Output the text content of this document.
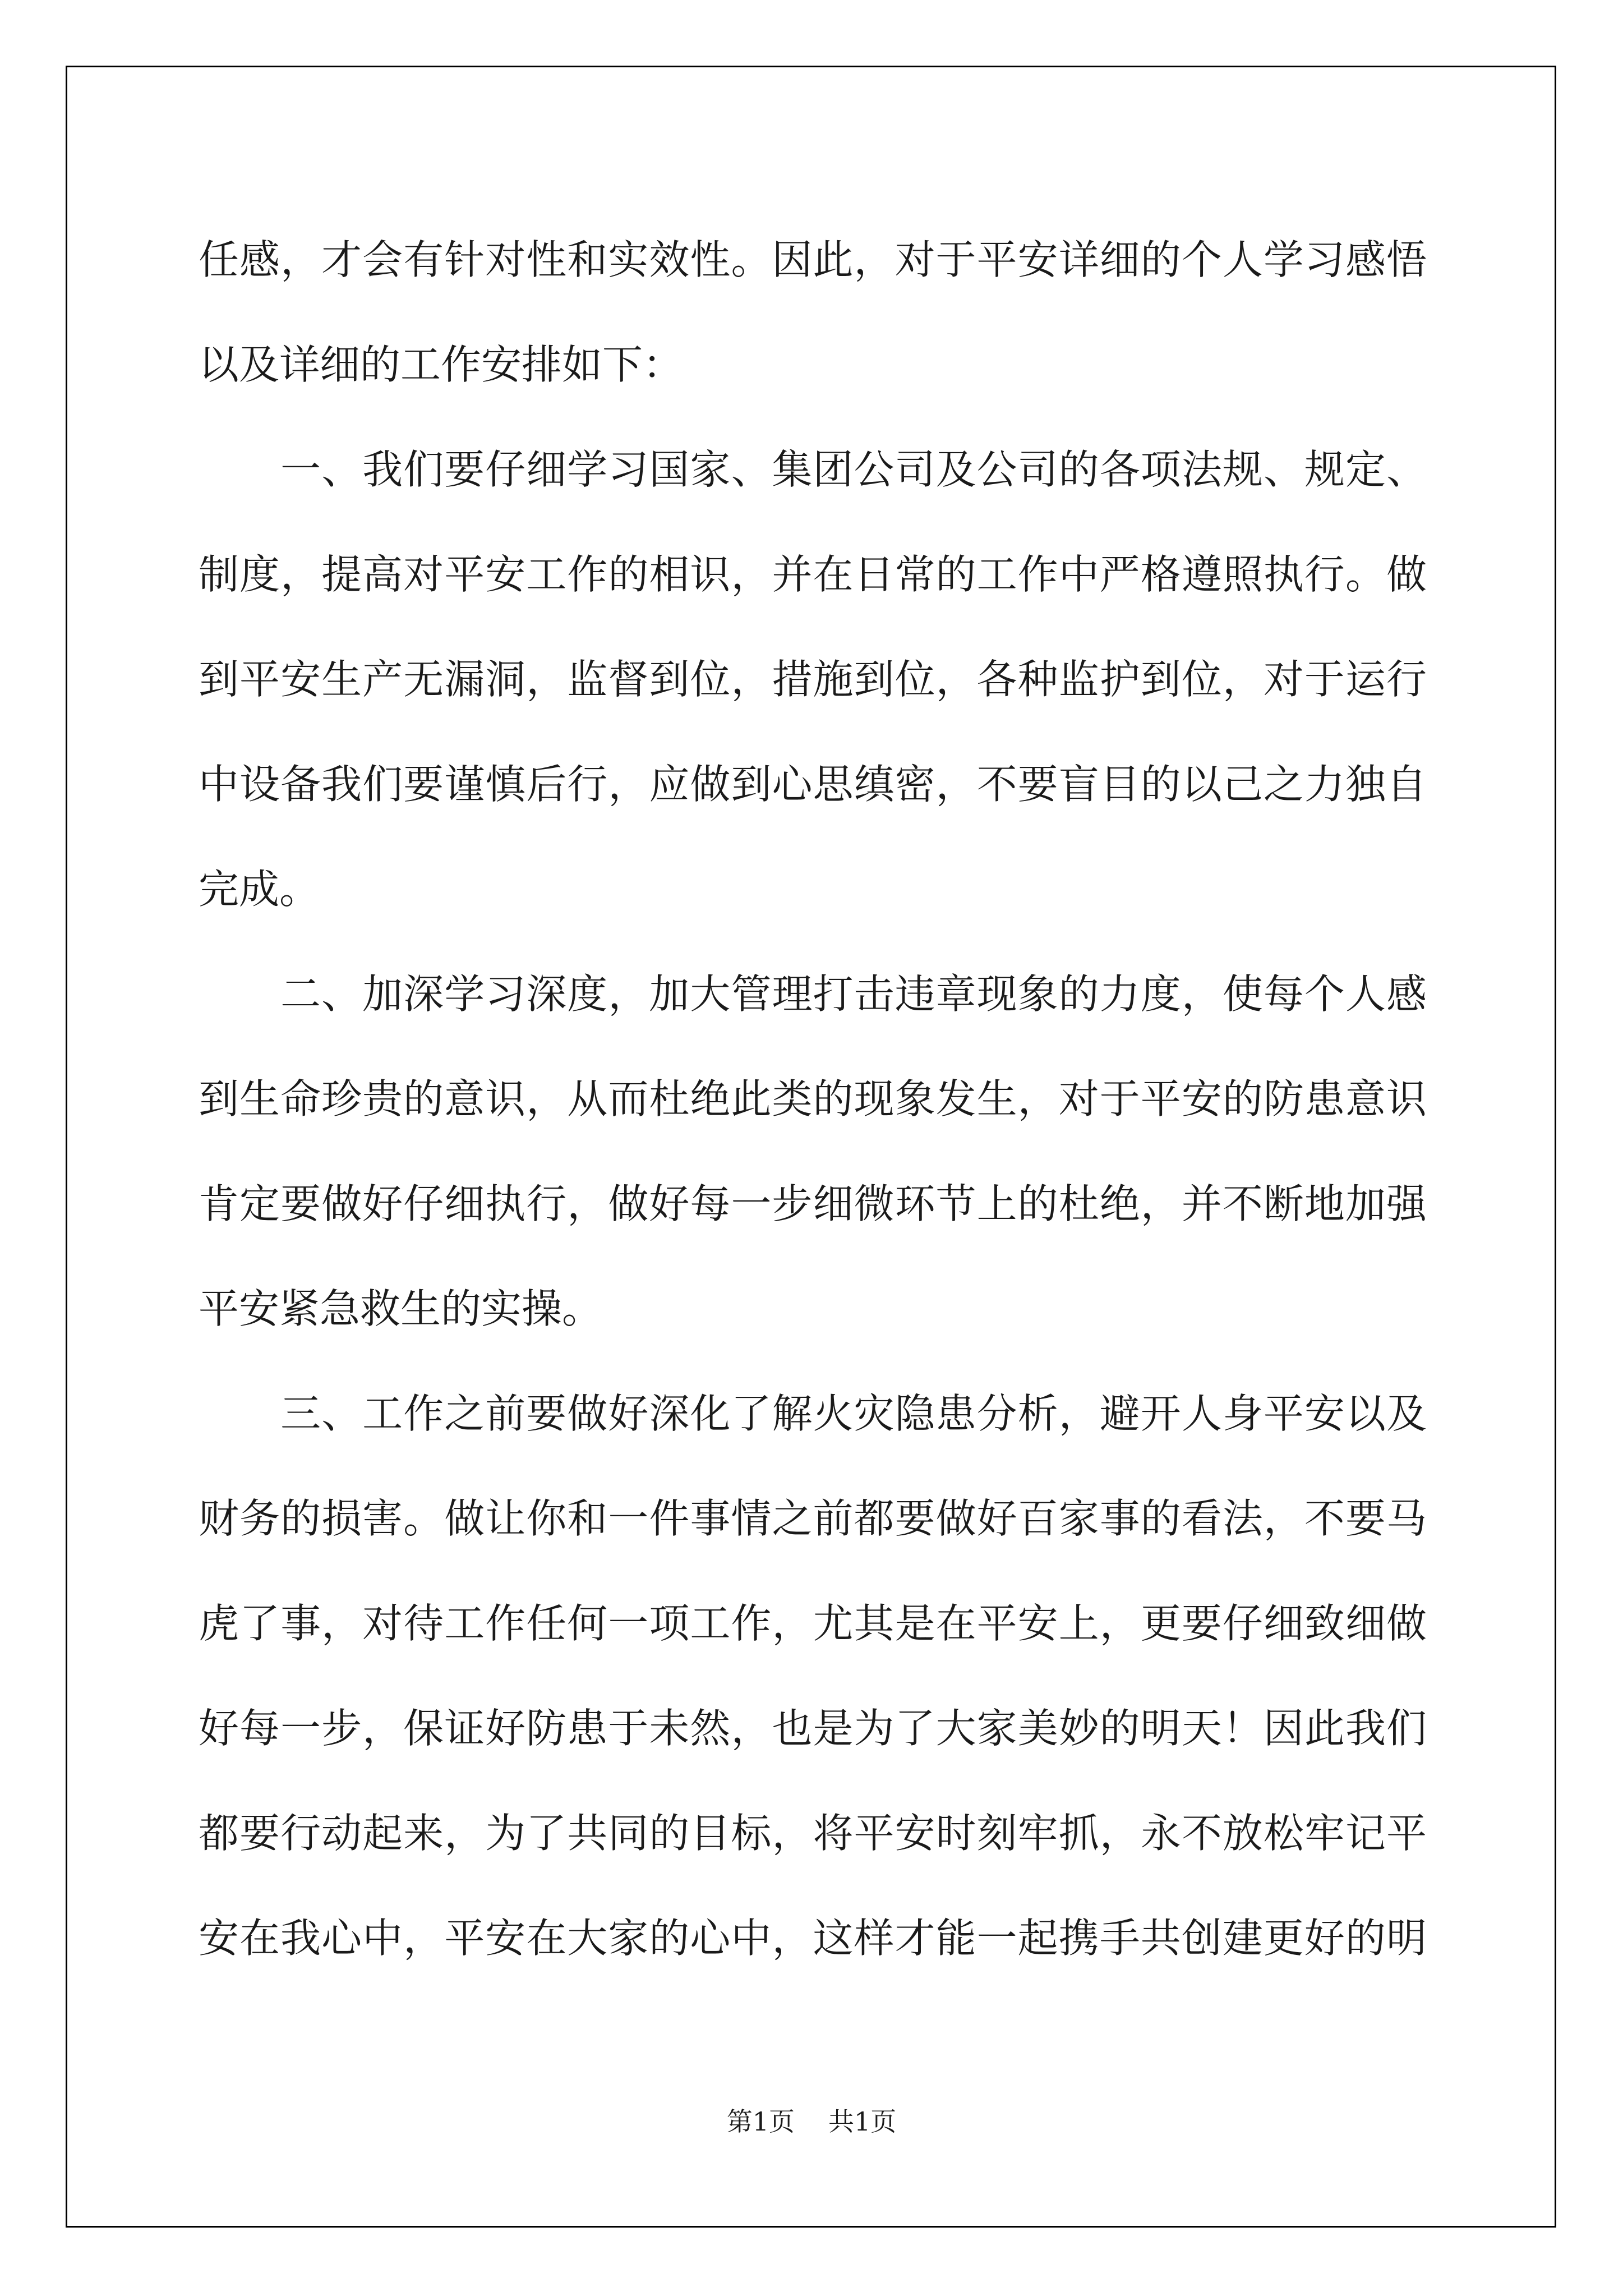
任感，才会有针对性和实效性。因此，对于平安详细的个人学习感悟
以及详细的工作安排如下：
　　一、我们要仔细学习国家、集团公司及公司的各项法规、规定、
制度，提高对平安工作的相识，并在日常的工作中严格遵照执行。做
到平安生产无漏洞，监督到位，措施到位，各种监护到位，对于运行
中设备我们要谨慎后行，应做到心思缜密，不要盲目的以己之力独自
完成。
　　二、加深学习深度，加大管理打击违章现象的力度，使每个人感
到生命珍贵的意识，从而杜绝此类的现象发生，对于平安的防患意识
肯定要做好仔细执行，做好每一步细微环节上的杜绝，并不断地加强
平安紧急救生的实操。
　　三、工作之前要做好深化了解火灾隐患分析，避开人身平安以及
财务的损害。做让你和一件事情之前都要做好百家事的看法，不要马
虎了事，对待工作任何一项工作，尤其是在平安上，更要仔细致细做
好每一步，保证好防患于未然，也是为了大家美妙的明天！因此我们
都要行动起来，为了共同的目标，将平安时刻牢抓，永不放松牢记平
安在我心中，平安在大家的心中，这样才能一起携手共创建更好的明
第1页 共1页
